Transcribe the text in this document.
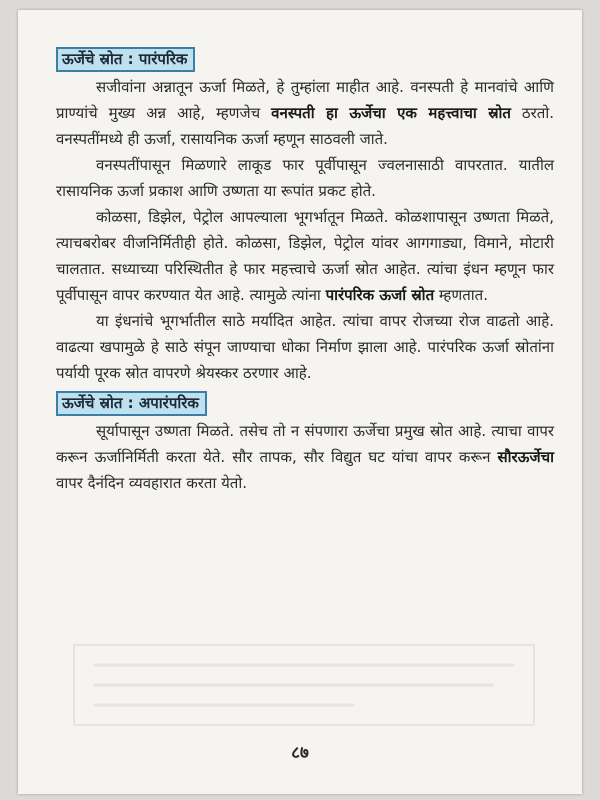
ऊर्जेचे स्रोत : पारंपरिक

सजीवांना अन्नातून ऊर्जा मिळते, हे तुम्हांला माहीत आहे. वनस्पती हे मानवांचे आणि प्राण्यांचे मुख्य अन्न आहे, म्हणजेच वनस्पती हा ऊर्जेचा एक महत्त्वाचा स्रोत ठरतो. वनस्पतींमध्ये ही ऊर्जा, रासायनिक ऊर्जा म्हणून साठवली जाते.

वनस्पतींपासून मिळणारे लाकूड फार पूर्वीपासून ज्वलनासाठी वापरतात. यातील रासायनिक ऊर्जा प्रकाश आणि उष्णता या रूपांत प्रकट होते.

कोळसा, डिझेल, पेट्रोल आपल्याला भूगर्भातून मिळते. कोळशापासून उष्णता मिळते, त्याचबरोबर वीजनिर्मितीही होते. कोळसा, डिझेल, पेट्रोल यांवर आगगाड्या, विमाने, मोटारी चालतात. सध्याच्या परिस्थितीत हे फार महत्त्वाचे ऊर्जा स्रोत आहेत. त्यांचा इंधन म्हणून फार पूर्वीपासून वापर करण्यात येत आहे. त्यामुळे त्यांना पारंपरिक ऊर्जा स्रोत म्हणतात.

या इंधनांचे भूगर्भातील साठे मर्यादित आहेत. त्यांचा वापर रोजच्या रोज वाढतो आहे. वाढत्या खपामुळे हे साठे संपून जाण्याचा धोका निर्माण झाला आहे. पारंपरिक ऊर्जा स्रोतांना पर्यायी पूरक स्रोत वापरणे श्रेयस्कर ठरणार आहे.

ऊर्जेचे स्रोत : अपारंपरिक

सूर्यापासून उष्णता मिळते. तसेच तो न संपणारा ऊर्जेचा प्रमुख स्रोत आहे. त्याचा वापर करून ऊर्जानिर्मिती करता येते. सौर तापक, सौर विद्युत घट यांचा वापर करून सौरऊर्जेचा वापर दैनंदिन व्यवहारात करता येतो.

८७
